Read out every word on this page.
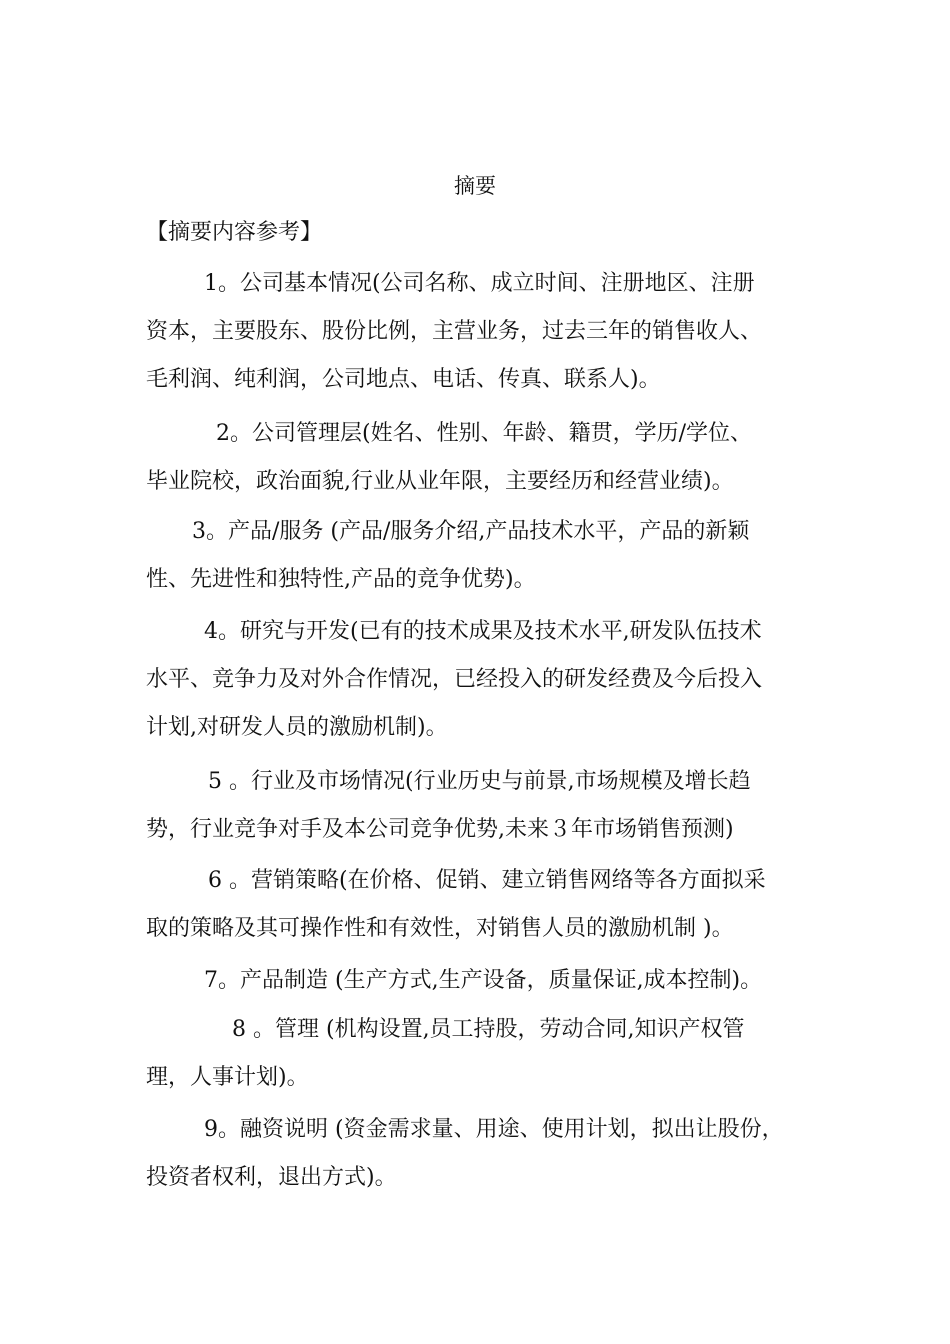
摘要
【摘要内容参考】
1。公司基本情况(公司名称、成立时间、注册地区、注册
资本，主要股东、股份比例，主营业务，过去三年的销售收人、
毛利润、纯利润，公司地点、电话、传真、联系人)。
2。公司管理层(姓名、性别、年龄、籍贯，学历/学位、
毕业院校，政治面貌,行业从业年限，主要经历和经营业绩)。
3。产品/服务 (产品/服务介绍,产品技术水平，产品的新颖
性、先进性和独特性,产品的竞争优势)。
4。研究与开发(已有的技术成果及技术水平,研发队伍技术
水平、竞争力及对外合作情况，已经投入的研发经费及今后投入
计划,对研发人员的激励机制)。
5 。行业及市场情况(行业历史与前景,市场规模及增长趋
势，行业竞争对手及本公司竞争优势,未来３年市场销售预测)
6 。营销策略(在价格、促销、建立销售网络等各方面拟采
取的策略及其可操作性和有效性，对销售人员的激励机制 )。
7。产品制造 (生产方式,生产设备，质量保证,成本控制)。
8 。管理 (机构设置,员工持股，劳动合同,知识产权管
理，人事计划)。
9。融资说明 (资金需求量、用途、使用计划，拟出让股份，
投资者权利，退出方式)。
